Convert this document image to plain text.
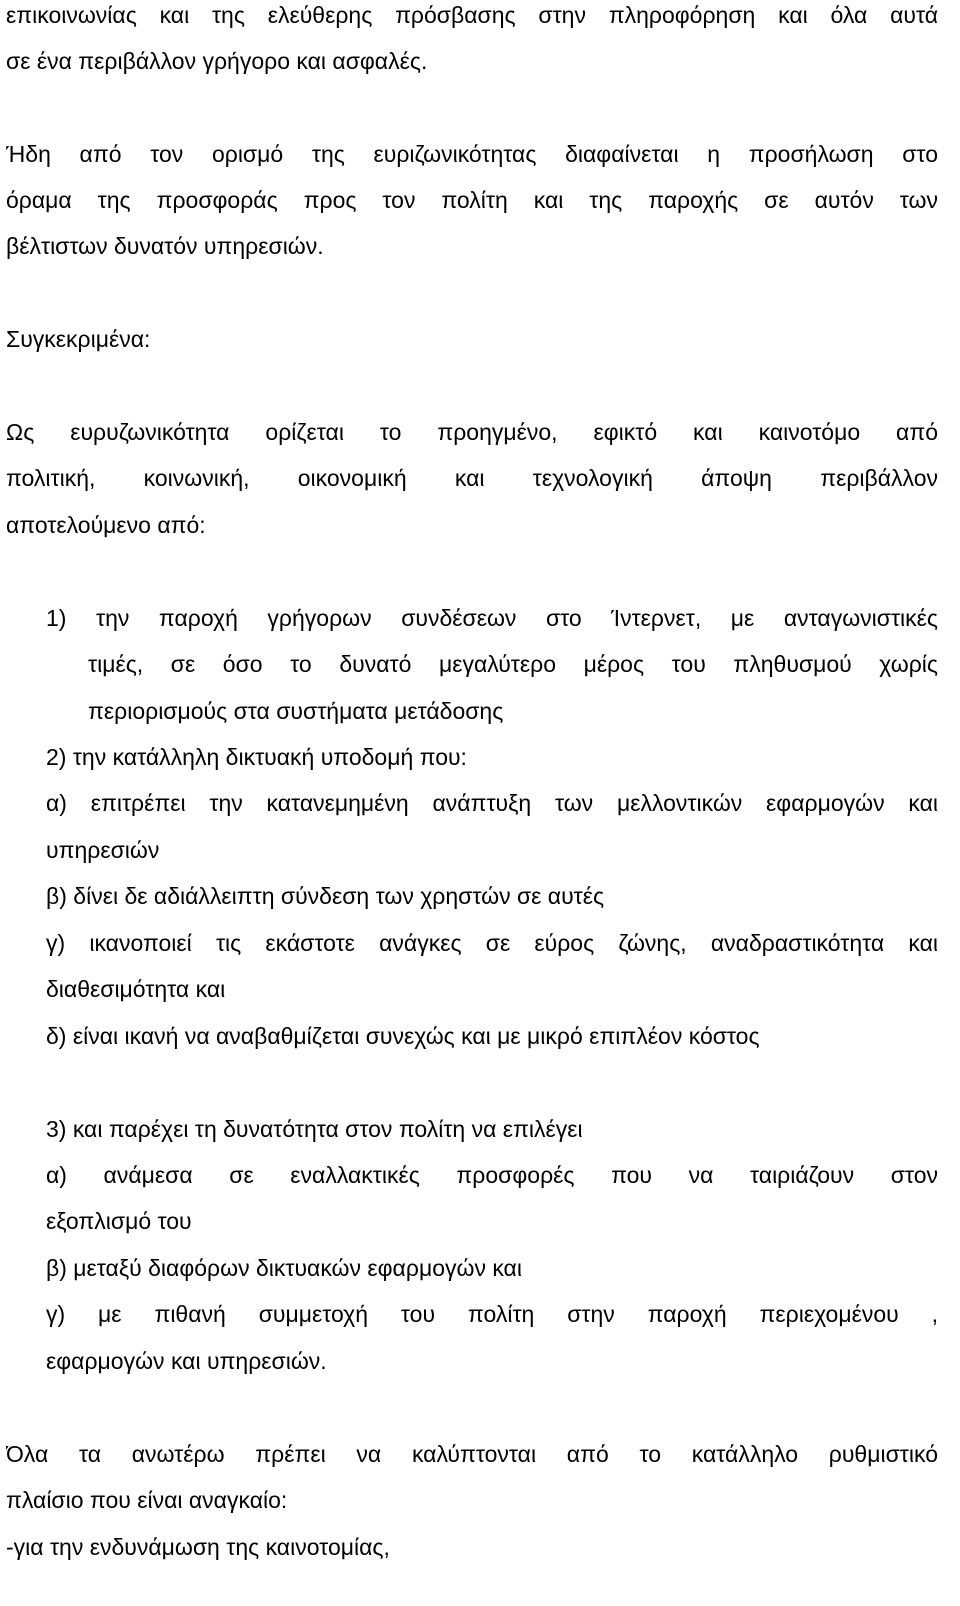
επικοινωνίας και της ελεύθερης πρόσβασης στην πληροφόρηση και όλα αυτά
σε ένα περιβάλλον γρήγορο και ασφαλές.
Ήδη από τον ορισμό της ευριζωνικότητας διαφαίνεται η προσήλωση στο
όραμα της προσφοράς προς τον πολίτη και της παροχής σε αυτόν των
βέλτιστων δυνατόν υπηρεσιών.
Συγκεκριμένα:
Ως ευρυζωνικότητα ορίζεται το προηγμένο, εφικτό και καινοτόμο από
πολιτική, κοινωνική, οικονομική και τεχνολογική άποψη περιβάλλον
αποτελούμενο από:
1) την παροχή γρήγορων συνδέσεων στο Ίντερνετ, με ανταγωνιστικές
τιμές, σε όσο το δυνατό μεγαλύτερο μέρος του πληθυσμού χωρίς
περιορισμούς στα συστήματα μετάδοσης
2) την κατάλληλη δικτυακή υποδομή που:
α) επιτρέπει την κατανεμημένη ανάπτυξη των μελλοντικών εφαρμογών και
υπηρεσιών
β) δίνει δε αδιάλλειπτη σύνδεση των χρηστών σε αυτές
γ) ικανοποιεί τις εκάστοτε ανάγκες σε εύρος ζώνης, αναδραστικότητα και
διαθεσιμότητα και
δ) είναι ικανή να αναβαθμίζεται συνεχώς και με μικρό επιπλέον κόστος
3) και παρέχει τη δυνατότητα στον πολίτη να επιλέγει
α) ανάμεσα σε εναλλακτικές προσφορές που να ταιριάζουν στον
εξοπλισμό του
β) μεταξύ διαφόρων δικτυακών εφαρμογών και
γ) με πιθανή συμμετοχή του πολίτη στην παροχή περιεχομένου ,
εφαρμογών και υπηρεσιών.
Όλα τα ανωτέρω πρέπει να καλύπτονται από το κατάλληλο ρυθμιστικό
πλαίσιο που είναι αναγκαίο:
-για την ενδυνάμωση της καινοτομίας,
